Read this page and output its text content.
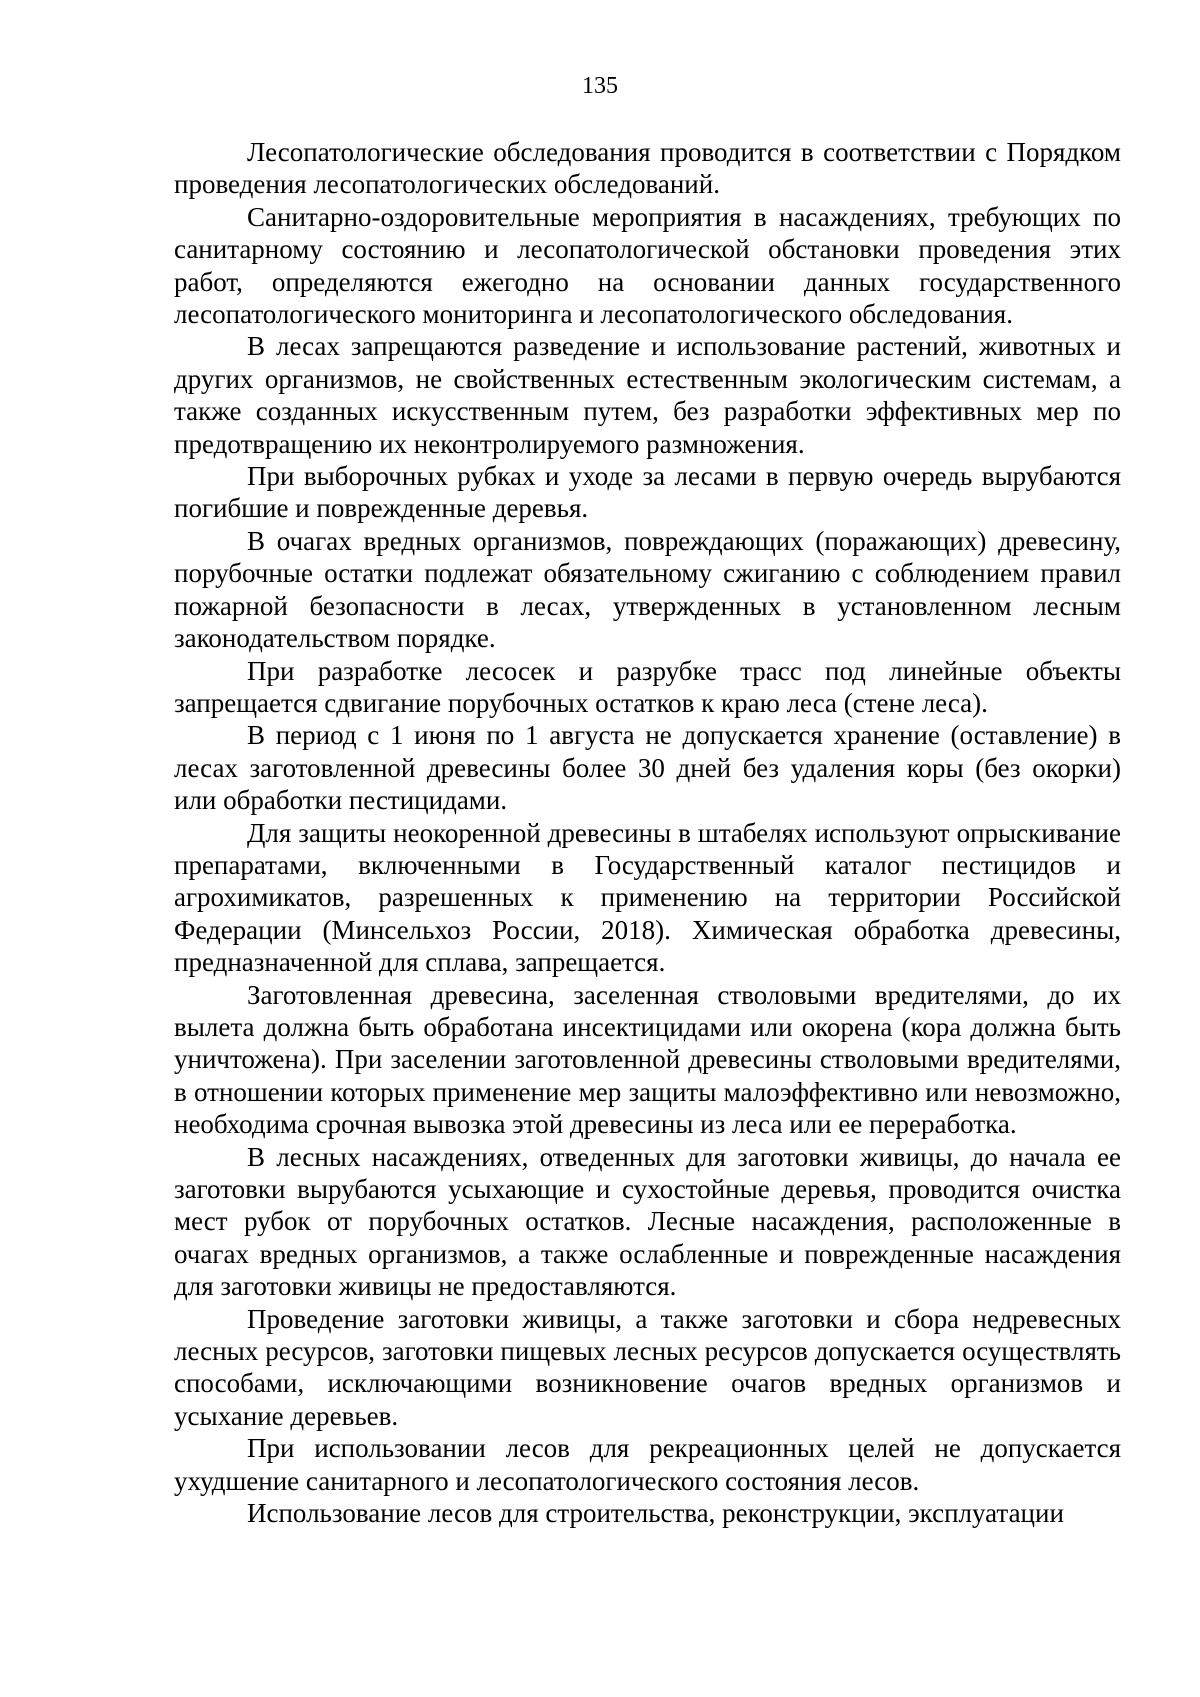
135

Лесопатологические обследования проводится в соответствии с Порядком проведения лесопатологических обследований.

Санитарно-оздоровительные мероприятия в насаждениях, требующих по санитарному состоянию и лесопатологической обстановки проведения этих работ, определяются ежегодно на основании данных государственного лесопатологического мониторинга и лесопатологического обследования.

В лесах запрещаются разведение и использование растений, животных и других организмов, не свойственных естественным экологическим системам, а также созданных искусственным путем, без разработки эффективных мер по предотвращению их неконтролируемого размножения.

При выборочных рубках и уходе за лесами в первую очередь вырубаются погибшие и поврежденные деревья.

В очагах вредных организмов, повреждающих (поражающих) древесину, порубочные остатки подлежат обязательному сжиганию с соблюдением правил пожарной безопасности в лесах, утвержденных в установленном лесным законодательством порядке.

При разработке лесосек и разрубке трасс под линейные объекты запрещается сдвигание порубочных остатков к краю леса (стене леса).

В период с 1 июня по 1 августа не допускается хранение (оставление) в лесах заготовленной древесины более 30 дней без удаления коры (без окорки) или обработки пестицидами.

Для защиты неокоренной древесины в штабелях используют опрыскивание препаратами, включенными в Государственный каталог пестицидов и агрохимикатов, разрешенных к применению на территории Российской Федерации (Минсельхоз России, 2018). Химическая обработка древесины, предназначенной для сплава, запрещается.

Заготовленная древесина, заселенная стволовыми вредителями, до их вылета должна быть обработана инсектицидами или окорена (кора должна быть уничтожена). При заселении заготовленной древесины стволовыми вредителями, в отношении которых применение мер защиты малоэффективно или невозможно, необходима срочная вывозка этой древесины из леса или ее переработка.

В лесных насаждениях, отведенных для заготовки живицы, до начала ее заготовки вырубаются усыхающие и сухостойные деревья, проводится очистка мест рубок от порубочных остатков. Лесные насаждения, расположенные в очагах вредных организмов, а также ослабленные и поврежденные насаждения для заготовки живицы не предоставляются.

Проведение заготовки живицы, а также заготовки и сбора недревесных лесных ресурсов, заготовки пищевых лесных ресурсов допускается осуществлять способами, исключающими возникновение очагов вредных организмов и усыхание деревьев.

При использовании лесов для рекреационных целей не допускается ухудшение санитарного и лесопатологического состояния лесов.

Использование лесов для строительства, реконструкции, эксплуатации
